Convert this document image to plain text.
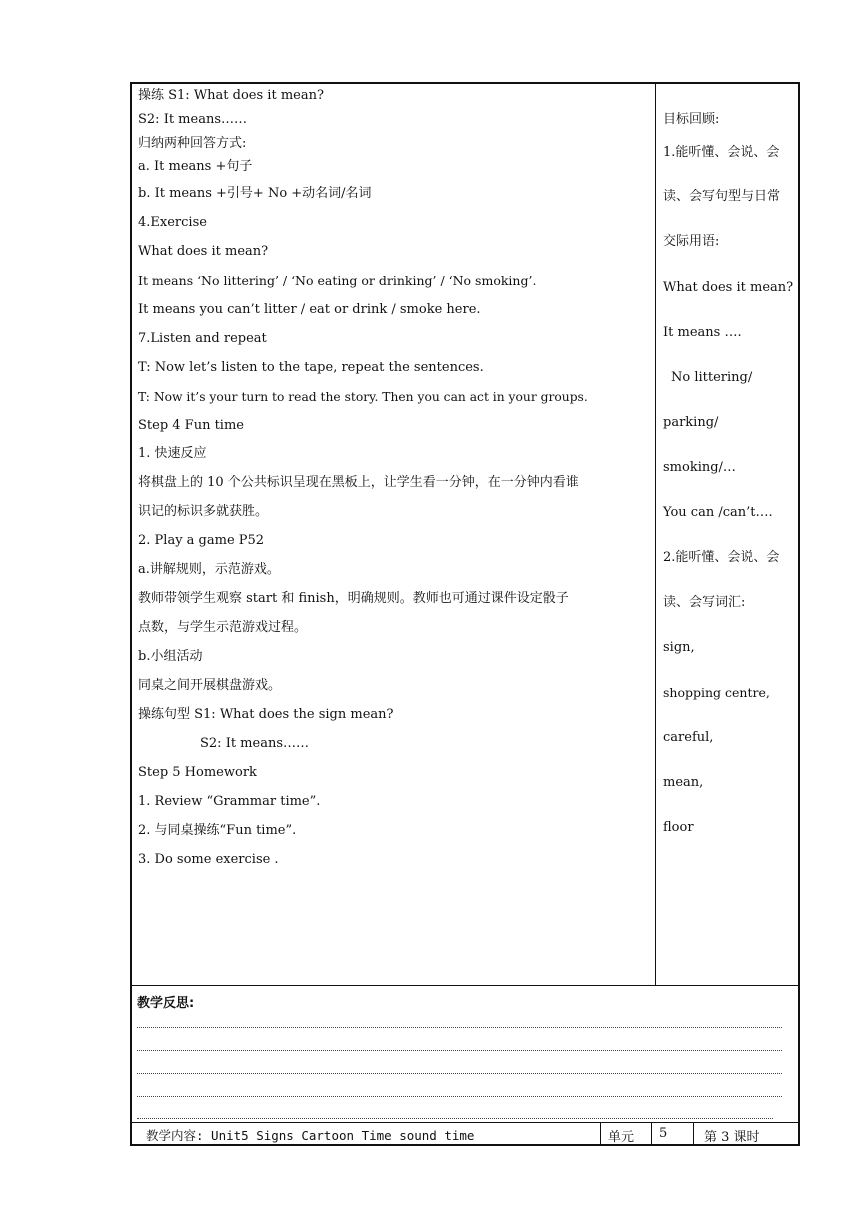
操练 S1: What does it mean?
S2: It means……
归纳两种回答方式:
a. It means +句子
b. It means +引号+ No +动名词/名词
4.Exercise
What does it mean?
It means ‘No littering’ / ‘No eating or drinking’ / ‘No smoking’.
It means you can’t litter / eat or drink / smoke here.
7.Listen and repeat
T: Now let’s listen to the tape, repeat the sentences.
T: Now it’s your turn to read the story. Then you can act in your groups.
Step 4 Fun time
1. 快速反应
将棋盘上的 10 个公共标识呈现在黑板上，让学生看一分钟，在一分钟内看谁
识记的标识多就获胜。
2. Play a game P52
a.讲解规则，示范游戏。
教师带领学生观察 start 和 finish，明确规则。教师也可通过课件设定骰子
点数，与学生示范游戏过程。
b.小组活动
同桌之间开展棋盘游戏。
操练句型 S1: What does the sign mean?
S2: It means……
Step 5 Homework
1. Review “Grammar time”.
2. 与同桌操练“Fun time”.
3. Do some exercise .
目标回顾:
1.能听懂、会说、会
读、会写句型与日常
交际用语:
What does it mean?
It means ….
No littering/
parking/
smoking/…
You can /can’t….
2.能听懂、会说、会
读、会写词汇:
sign,
shopping centre,
careful,
mean,
floor
教学反思:
教学内容: Unit5 Signs Cartoon Time sound time	单元 5	第 3 课时
